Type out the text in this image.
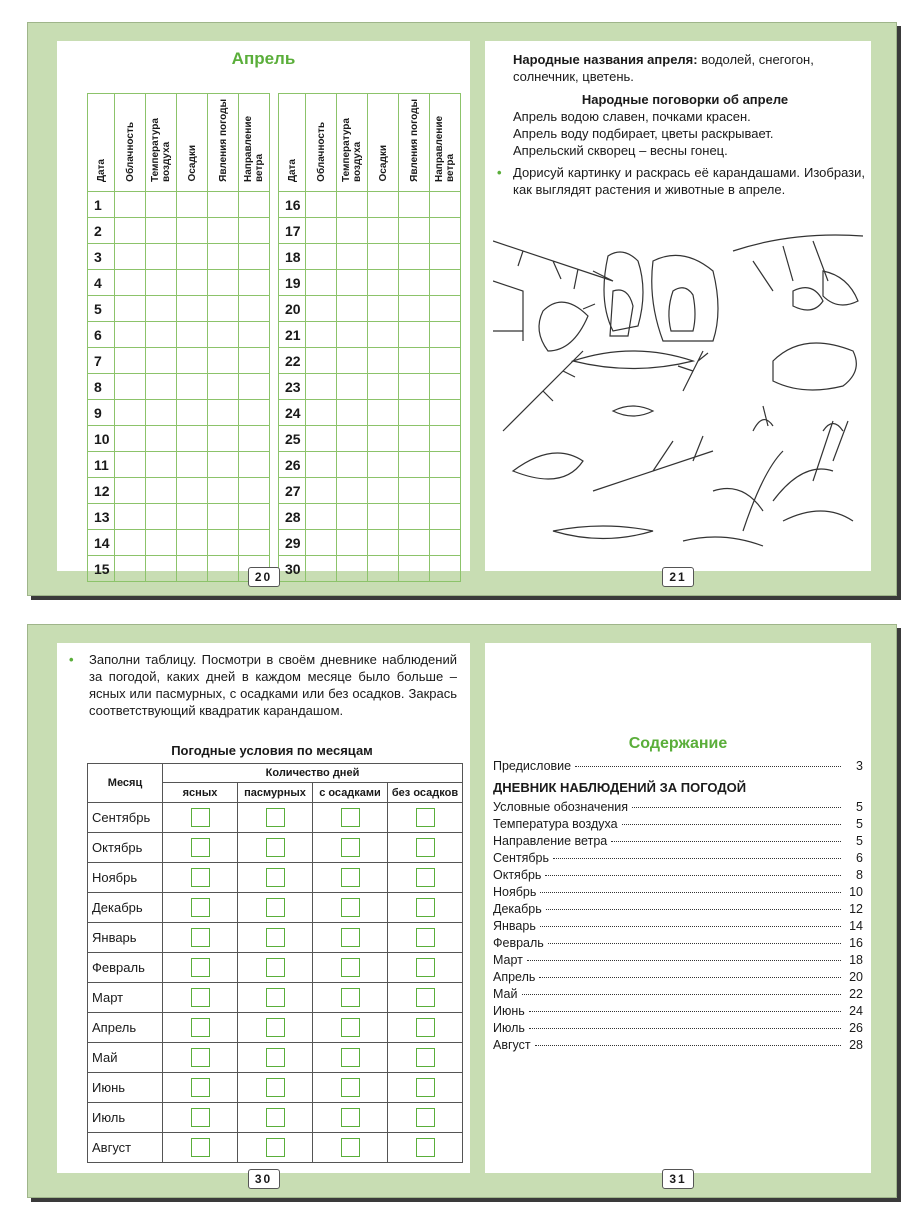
Апрель
Дата	Облачность	Температура воздуха	Осадки	Явления погоды	Направление ветра
1					
2					
3					
4					
5					
6					
7					
8					
9					
10					
11					
12					
13					
14					
15					
Дата	Облачность	Температура воздуха	Осадки	Явления погоды	Направление ветра
16					
17					
18					
19					
20					
21					
22					
23					
24					
25					
26					
27					
28					
29					
30					
20
Народные названия апреля: водолей, снегогон, солнечник, цветень.
Народные поговорки об апреле
Апрель водою славен, почками красен.
Апрель воду подбирает, цветы раскрывает.
Апрельский скворец – весны гонец.
• Дорисуй картинку и раскрась её карандашами. Изобрази, как выглядят растения и животные в апреле.
21
• Заполни таблицу. Посмотри в своём дневнике наблюдений за погодой, каких дней в каждом месяце было больше – ясных или пасмурных, с осадками или без осадков. Закрась соответствующий квадратик карандашом.
Погодные условия по месяцам
Месяц	Количество дней			
	ясных	пасмурных	с осадками	без осадков
Сентябрь				
Октябрь				
Ноябрь				
Декабрь				
Январь				
Февраль				
Март				
Апрель				
Май				
Июнь				
Июль				
Август				
30
Содержание
Предисловие	3
ДНЕВНИК НАБЛЮДЕНИЙ ЗА ПОГОДОЙ
Условные обозначения	5
Температура воздуха	5
Направление ветра	5
Сентябрь	6
Октябрь	8
Ноябрь	10
Декабрь	12
Январь	14
Февраль	16
Март	18
Апрель	20
Май	22
Июнь	24
Июль	26
Август	28
31
